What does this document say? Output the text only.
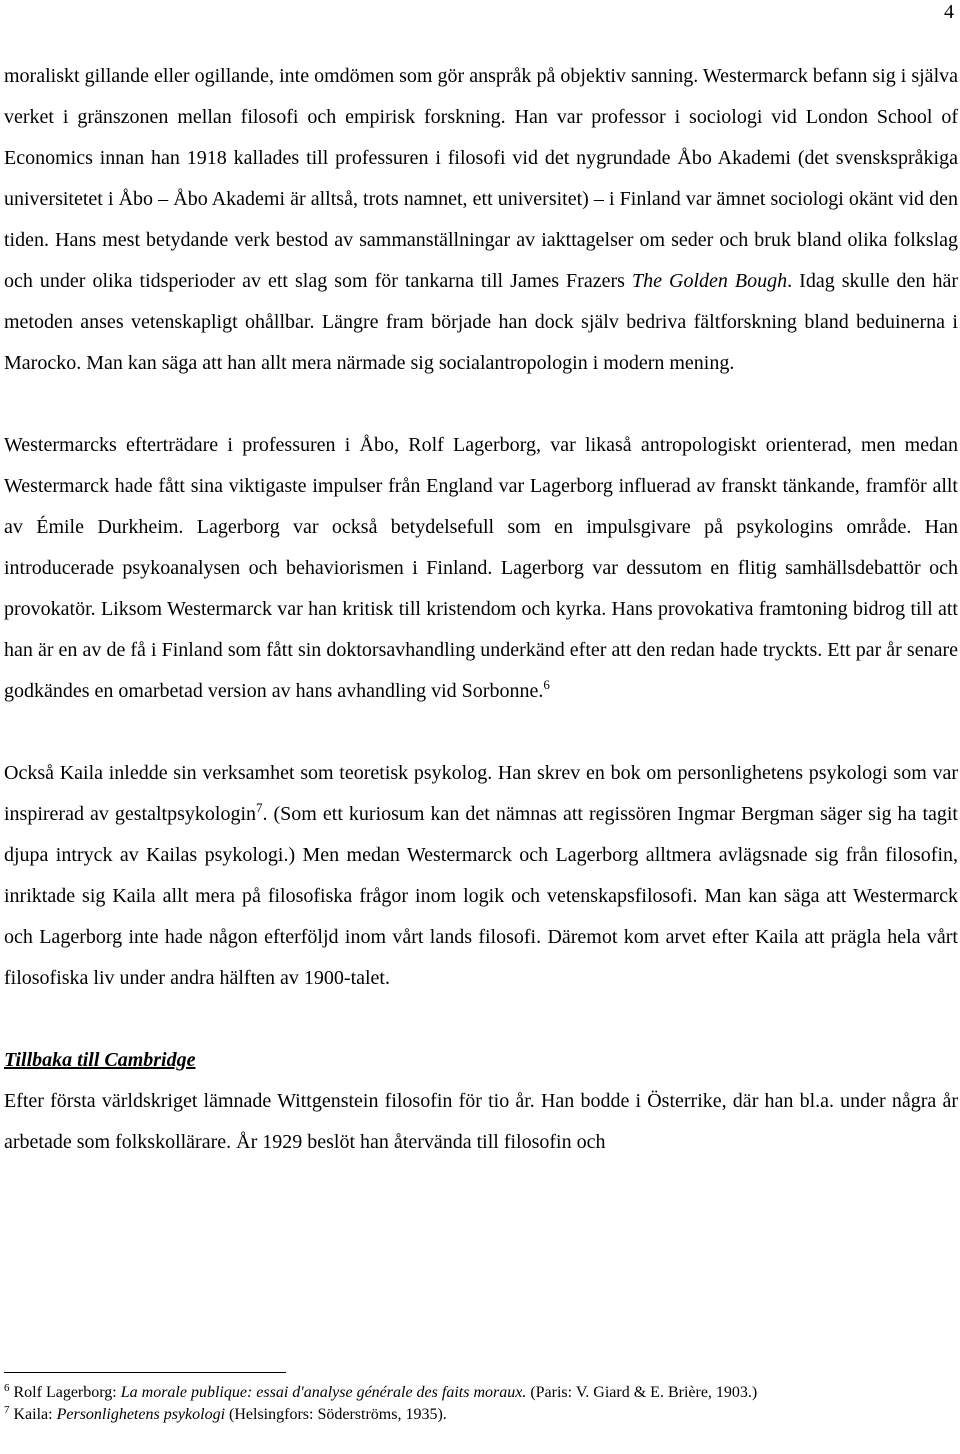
4

moraliskt gillande eller ogillande, inte omdömen som gör anspråk på objektiv sanning. Westermarck befann sig i själva verket i gränszonen mellan filosofi och empirisk forskning. Han var professor i sociologi vid London School of Economics innan han 1918 kallades till professuren i filosofi vid det nygrundade Åbo Akademi (det svenskspråkiga universitetet i Åbo – Åbo Akademi är alltså, trots namnet, ett universitet) – i Finland var ämnet sociologi okänt vid den tiden. Hans mest betydande verk bestod av sammanställningar av iakttagelser om seder och bruk bland olika folkslag och under olika tidsperioder av ett slag som för tankarna till James Frazers The Golden Bough. Idag skulle den här metoden anses vetenskapligt ohållbar. Längre fram började han dock själv bedriva fältforskning bland beduinerna i Marocko. Man kan säga att han allt mera närmade sig socialantropologin i modern mening.

Westermarcks efterträdare i professuren i Åbo, Rolf Lagerborg, var likaså antropologiskt orienterad, men medan Westermarck hade fått sina viktigaste impulser från England var Lagerborg influerad av franskt tänkande, framför allt av Émile Durkheim. Lagerborg var också betydelsefull som en impulsgivare på psykologins område. Han introducerade psykoanalysen och behaviorismen i Finland. Lagerborg var dessutom en flitig samhällsdebattör och provokatör. Liksom Westermarck var han kritisk till kristendom och kyrka. Hans provokativa framtoning bidrog till att han är en av de få i Finland som fått sin doktorsavhandling underkänd efter att den redan hade tryckts. Ett par år senare godkändes en omarbetad version av hans avhandling vid Sorbonne.$^6$

Också Kaila inledde sin verksamhet som teoretisk psykolog. Han skrev en bok om personlighetens psykologi som var inspirerad av gestaltpsykologin$^7$. (Som ett kuriosum kan det nämnas att regissören Ingmar Bergman säger sig ha tagit djupa intryck av Kailas psykologi.) Men medan Westermarck och Lagerborg alltmera avlägsnade sig från filosofin, inriktade sig Kaila allt mera på filosofiska frågor inom logik och vetenskapsfilosofi. Man kan säga att Westermarck och Lagerborg inte hade någon efterföljd inom vårt lands filosofi. Däremot kom arvet efter Kaila att prägla hela vårt filosofiska liv under andra hälften av 1900-talet.

Tillbaka till Cambridge

Efter första världskriget lämnade Wittgenstein filosofin för tio år. Han bodde i Österrike, där han bl.a. under några år arbetade som folkskollärare. År 1929 beslöt han återvända till filosofin och

$^6$ Rolf Lagerborg: La morale publique: essai d'analyse générale des faits moraux. (Paris: V. Giard & E. Brière, 1903.)

$^7$ Kaila: Personlighetens psykologi (Helsingfors: Söderströms, 1935).
